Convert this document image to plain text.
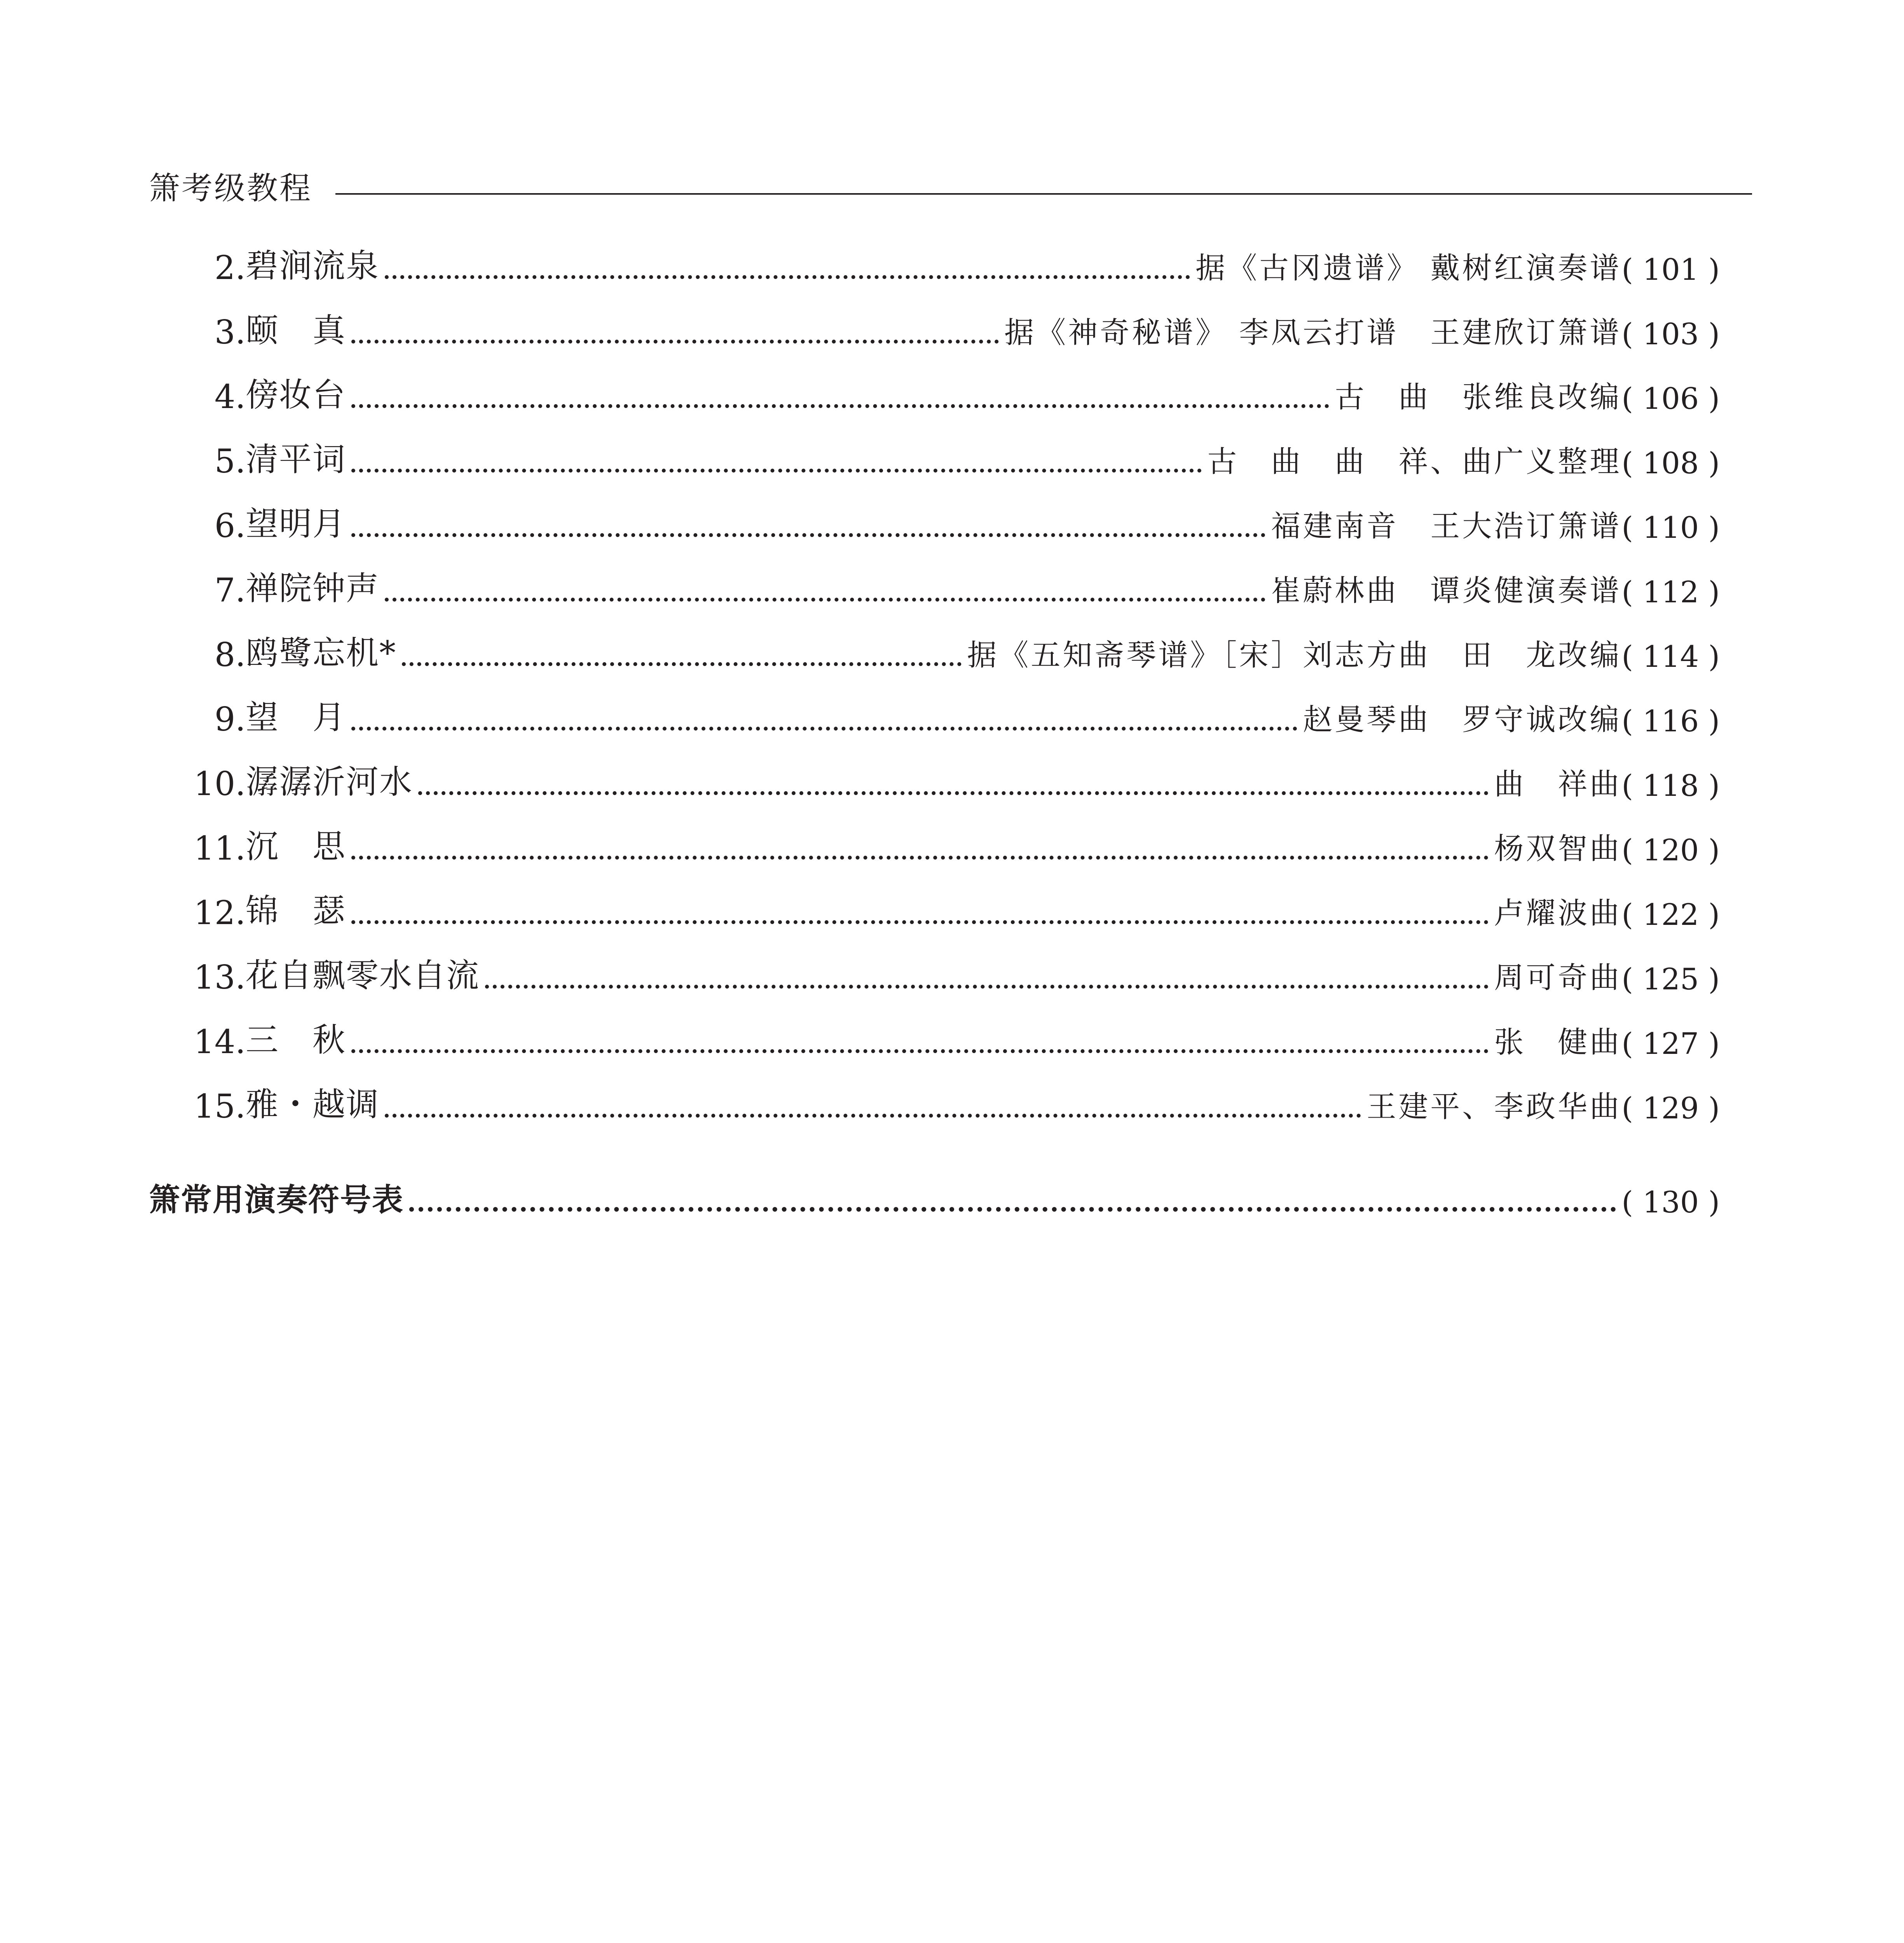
箫考级教程
2. 碧涧流泉	据《古冈遗谱》 戴树红演奏谱 ( 101 )
3. 颐　真	据《神奇秘谱》 李凤云打谱　王建欣订箫谱 ( 103 )
4. 傍妆台	古　曲　张维良改编 ( 106 )
5. 清平词	古　曲　曲　祥、曲广义整理 ( 108 )
6. 望明月	福建南音　王大浩订箫谱 ( 110 )
7. 禅院钟声	崔蔚林曲　谭炎健演奏谱 ( 112 )
8. 鸥鹭忘机*	据《五知斋琴谱》［宋］刘志方曲　田　龙改编 ( 114 )
9. 望　月	赵曼琴曲　罗守诚改编 ( 116 )
10. 潺潺沂河水	曲　祥曲 ( 118 )
11. 沉　思	杨双智曲 ( 120 )
12. 锦　瑟	卢耀波曲 ( 122 )
13. 花自飘零水自流	周可奇曲 ( 125 )
14. 三　秋	张　健曲 ( 127 )
15. 雅・越调	王建平、李政华曲 ( 129 )
箫常用演奏符号表	( 130 )
